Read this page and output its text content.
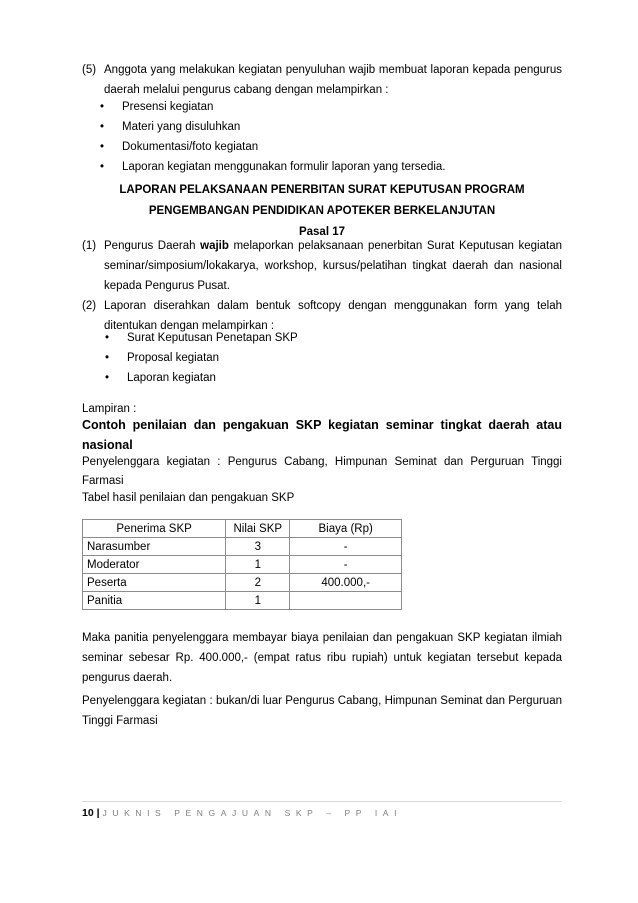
(5) Anggota yang melakukan kegiatan penyuluhan wajib membuat laporan kepada pengurus daerah melalui pengurus cabang dengan melampirkan :
• Presensi kegiatan
• Materi yang disuluhkan
• Dokumentasi/foto kegiatan
• Laporan kegiatan menggunakan formulir laporan yang tersedia.
LAPORAN PELAKSANAAN PENERBITAN SURAT KEPUTUSAN PROGRAM
PENGEMBANGAN PENDIDIKAN APOTEKER BERKELANJUTAN
Pasal 17
(1) Pengurus Daerah wajib melaporkan pelaksanaan penerbitan Surat Keputusan kegiatan seminar/simposium/lokakarya, workshop, kursus/pelatihan tingkat daerah dan nasional kepada Pengurus Pusat.
(2) Laporan diserahkan dalam bentuk softcopy dengan menggunakan form yang telah ditentukan dengan melampirkan :
• Surat Keputusan Penetapan SKP
• Proposal kegiatan
• Laporan kegiatan
Lampiran :
Contoh penilaian dan pengakuan SKP kegiatan seminar tingkat daerah atau nasional
Penyelenggara kegiatan : Pengurus Cabang, Himpunan Seminat dan Perguruan Tinggi Farmasi
Tabel hasil penilaian dan pengakuan SKP
Penerima SKP	Nilai SKP	Biaya (Rp)
Narasumber	3	-
Moderator	1	-
Peserta	2	400.000,-
Panitia	1	
Maka panitia penyelenggara membayar biaya penilaian dan pengakuan SKP kegiatan ilmiah seminar sebesar Rp. 400.000,- (empat ratus ribu rupiah) untuk kegiatan tersebut kepada pengurus daerah.
Penyelenggara kegiatan : bukan/di luar Pengurus Cabang, Himpunan Seminat dan Perguruan Tinggi Farmasi
10 | JUKNIS PENGAJUAN SKP – PP IAI
